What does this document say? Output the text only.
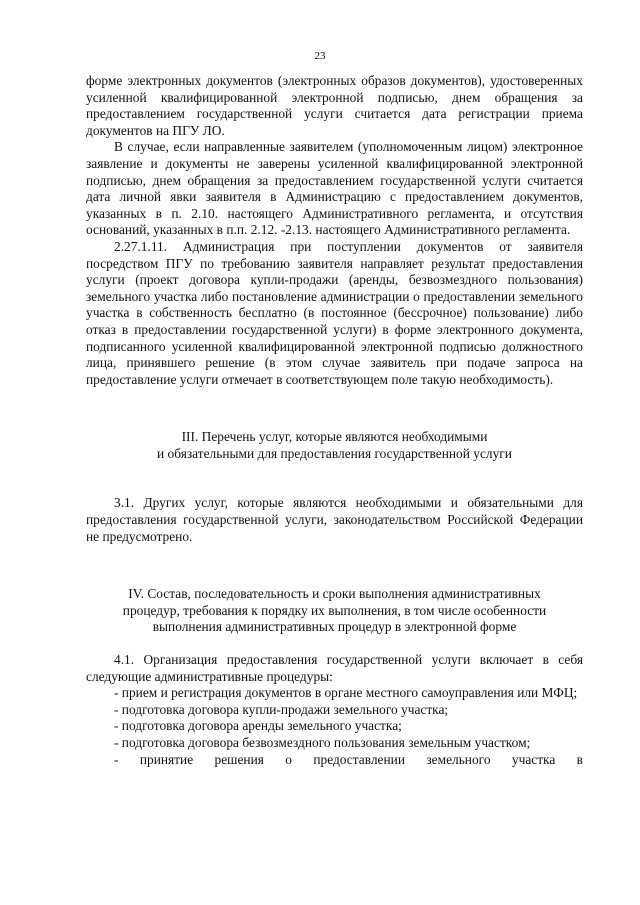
23

форме электронных документов (электронных образов документов), удостоверенных усиленной квалифицированной электронной подписью, днем обращения за предоставлением государственной услуги считается дата регистрации приема документов на ПГУ ЛО.

В случае, если направленные заявителем (уполномоченным лицом) электронное заявление и документы не заверены усиленной квалифицированной электронной подписью, днем обращения за предоставлением государственной услуги считается дата личной явки заявителя в Администрацию с предоставлением документов, указанных в п. 2.10. настоящего Административного регламента, и отсутствия оснований, указанных в п.п. 2.12. -2.13. настоящего Административного регламента.

2.27.1.11. Администрация при поступлении документов от заявителя посредством ПГУ по требованию заявителя направляет результат предоставления услуги (проект договора купли-продажи (аренды, безвозмездного пользования) земельного участка либо постановление администрации о предоставлении земельного участка в собственность бесплатно (в постоянное (бессрочное) пользование) либо отказ в предоставлении государственной услуги) в форме электронного документа, подписанного усиленной квалифицированной электронной подписью должностного лица, принявшего решение (в этом случае заявитель при подаче запроса на предоставление услуги отмечает в соответствующем поле такую необходимость).

III. Перечень услуг, которые являются необходимыми
и обязательными для предоставления государственной услуги

3.1. Других услуг, которые являются необходимыми и обязательными для предоставления государственной услуги, законодательством Российской Федерации не предусмотрено.

IV. Состав, последовательность и сроки выполнения административных
процедур, требования к порядку их выполнения, в том числе особенности
выполнения административных процедур в электронной форме

4.1. Организация предоставления государственной услуги включает в себя следующие административные процедуры:

- прием и регистрация документов в органе местного самоуправления или МФЦ;

- подготовка договора купли-продажи земельного участка;

- подготовка договора аренды земельного участка;

- подготовка договора безвозмездного пользования земельным участком;

- принятие решения о предоставлении земельного участка в
